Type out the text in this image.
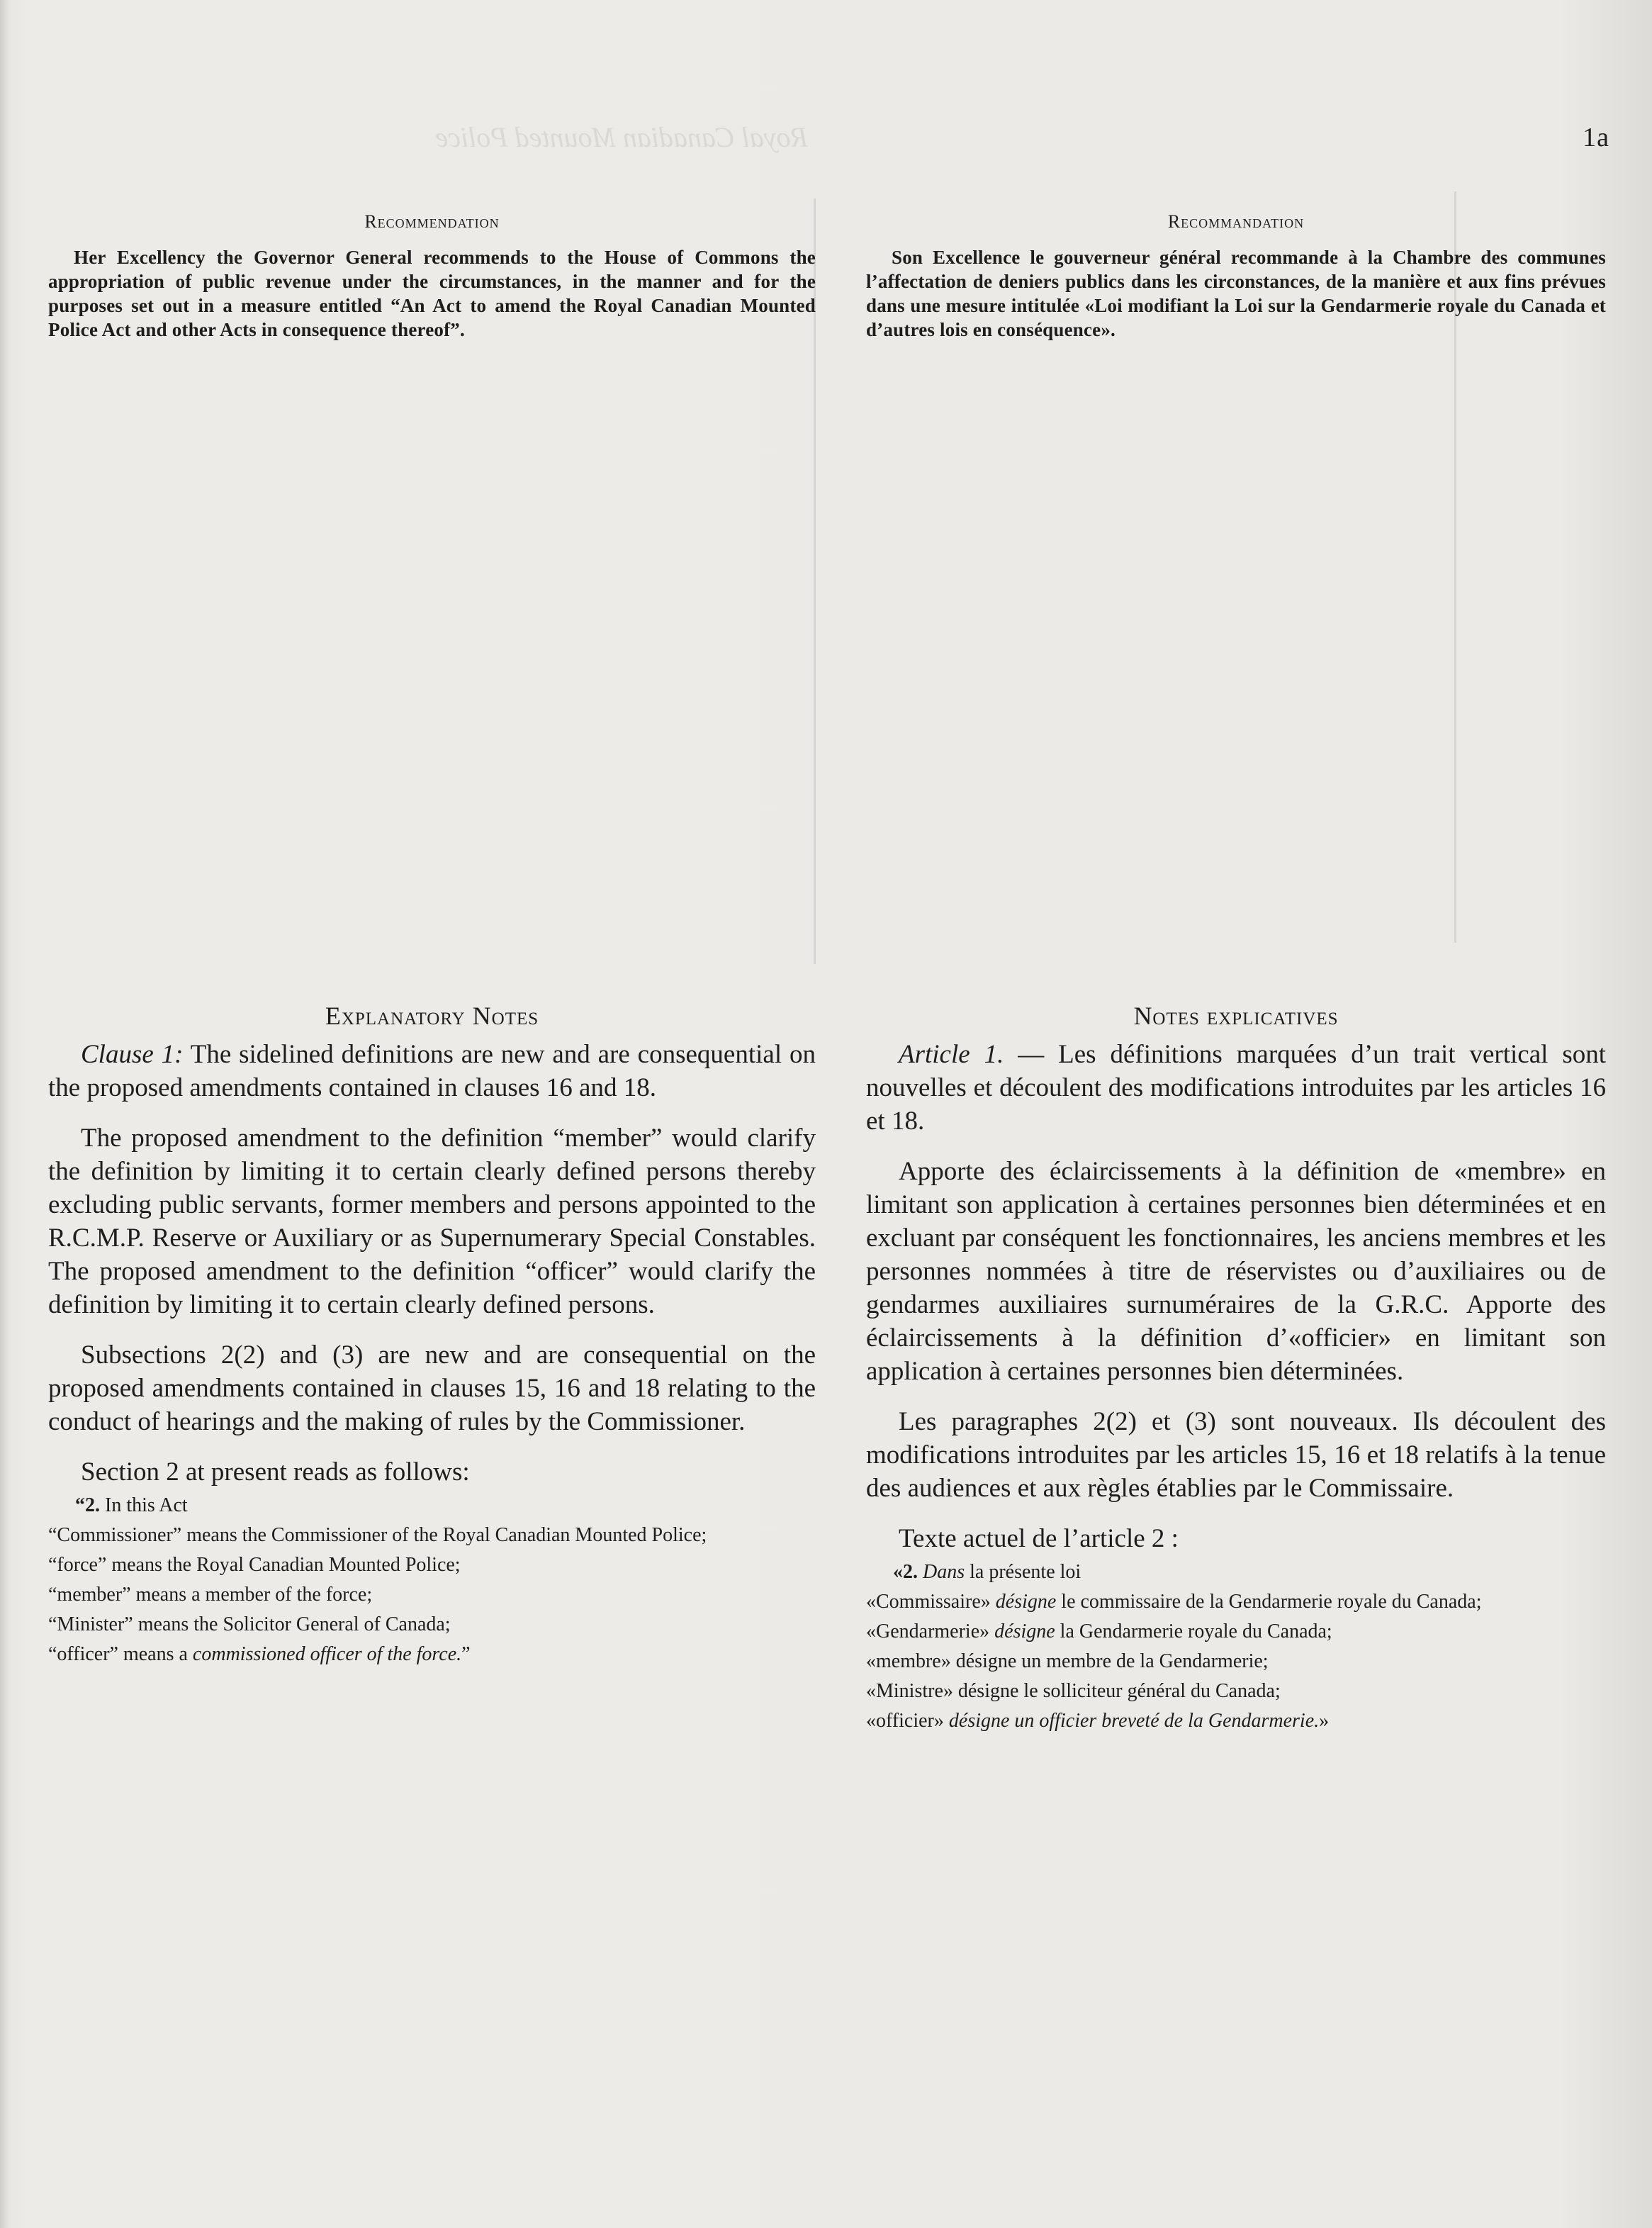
Royal Canadian Mounted Police	1a
Recommendation

Her Excellency the Governor General recommends to the House of Commons the appropriation of public revenue under the circumstances, in the manner and for the purposes set out in a measure entitled “An Act to amend the Royal Canadian Mounted Police Act and other Acts in consequence thereof”.

Explanatory Notes

Clause 1: The sidelined definitions are new and are consequential on the proposed amendments contained in clauses 16 and 18.

The proposed amendment to the definition “member” would clarify the definition by limiting it to certain clearly defined persons thereby excluding public servants, former members and persons appointed to the R.C.M.P. Reserve or Auxiliary or as Supernumerary Special Constables. The proposed amendment to the definition “officer” would clarify the definition by limiting it to certain clearly defined persons.

Subsections 2(2) and (3) are new and are consequential on the proposed amendments contained in clauses 15, 16 and 18 relating to the conduct of hearings and the making of rules by the Commissioner.

Section 2 at present reads as follows:

“2. In this Act

“Commissioner” means the Commissioner of the Royal Canadian Mounted Police;

“force” means the Royal Canadian Mounted Police;

“member” means a member of the force;

“Minister” means the Solicitor General of Canada;

“officer” means a commissioned officer of the force.”

Recommandation

Son Excellence le gouverneur général recommande à la Chambre des communes l’affectation de deniers publics dans les circonstances, de la manière et aux fins prévues dans une mesure intitulée «Loi modifiant la Loi sur la Gendarmerie royale du Canada et d’autres lois en conséquence».

Notes explicatives

Article 1. — Les définitions marquées d’un trait vertical sont nouvelles et découlent des modifications introduites par les articles 16 et 18.

Apporte des éclaircissements à la définition de «membre» en limitant son application à certaines personnes bien déterminées et en excluant par conséquent les fonctionnaires, les anciens membres et les personnes nommées à titre de réservistes ou d’auxiliaires ou de gendarmes auxiliaires surnuméraires de la G.R.C. Apporte des éclaircissements à la définition d’«officier» en limitant son application à certaines personnes bien déterminées.

Les paragraphes 2(2) et (3) sont nouveaux. Ils découlent des modifications introduites par les articles 15, 16 et 18 relatifs à la tenue des audiences et aux règles établies par le Commissaire.

Texte actuel de l’article 2 :

«2. Dans la présente loi

«Commissaire» désigne le commissaire de la Gendarmerie royale du Canada;

«Gendarmerie» désigne la Gendarmerie royale du Canada;

«membre» désigne un membre de la Gendarmerie;

«Ministre» désigne le solliciteur général du Canada;

«officier» désigne un officier breveté de la Gendarmerie.»
